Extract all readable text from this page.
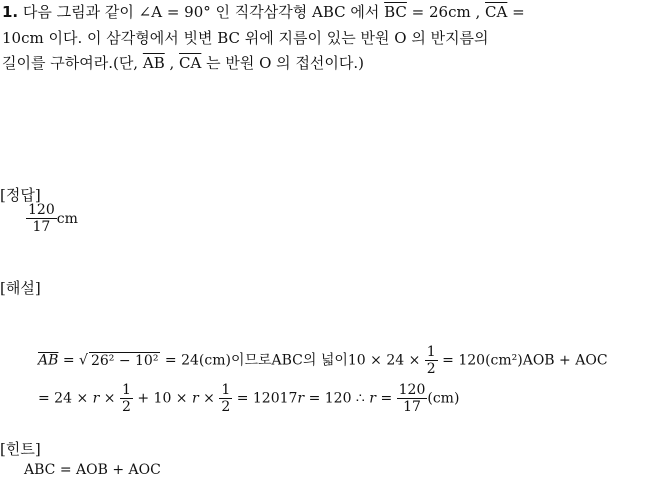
1. 다음 그림과 같이 ∠A = 90° 인 직각삼각형 ABC 에서 $\overline{BC} = 26cm$ , $\overline{CA}$ =
10cm 이다. 이 삼각형에서 빗변 BC 위에 지름이 있는 반원 O 의 반지름의
길이를 구하여라.(단, $\overline{AB}$ , $\overline{CA}$ 는 반원 O 의 접선이다.)
[정답]
$\frac{120}{17}$ cm
[해설]
$\overline{AB}$ = √ 26² − 10² = 24(cm)이므로ABC의 넓이$10 \times 24 \times \frac{1}{2} = 120(cm^2)AOB$ + AOC
= $24 \times r \times \frac{1}{2} + 10 \times r \times \frac{1}{2} = 12017r = 120$ ∴ $r = \frac{120}{17} (cm)$
[힌트]
ABC = AOB + AOC
